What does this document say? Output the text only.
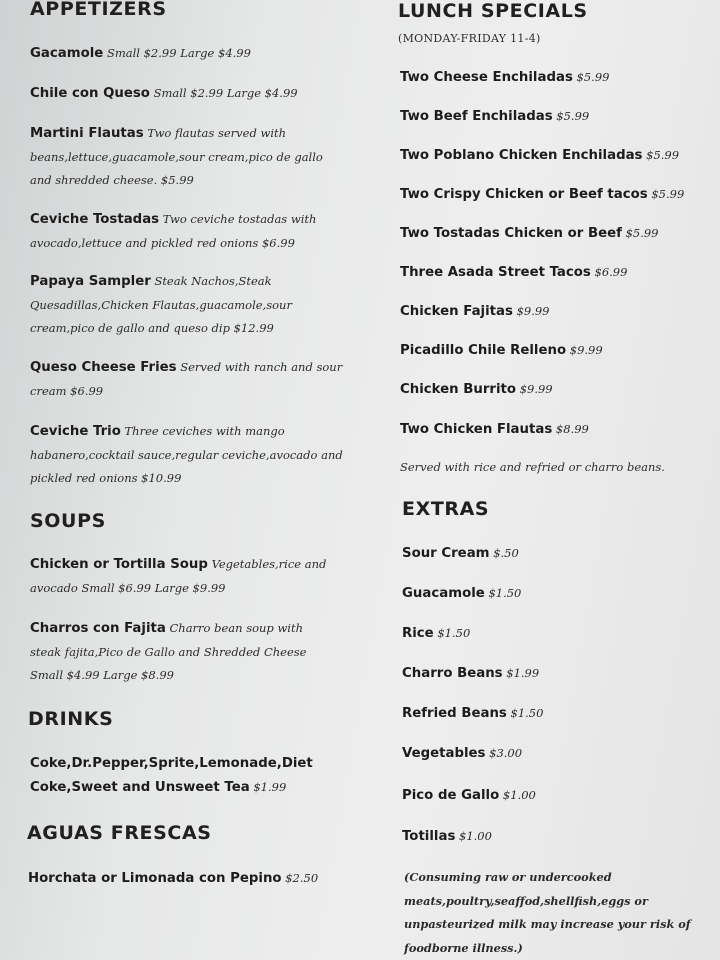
APPETIZERS
Gacamole Small $2.99 Large $4.99
Chile con Queso Small $2.99 Large $4.99
Martini Flautas Two flautas served with beans,lettuce,guacamole,sour cream,pico de gallo and shredded cheese. $5.99
Ceviche Tostadas Two ceviche tostadas with avocado,lettuce and pickled red onions $6.99
Papaya Sampler Steak Nachos,Steak Quesadillas,Chicken Flautas,guacamole,sour cream,pico de gallo and queso dip $12.99
Queso Cheese Fries Served with ranch and sour cream $6.99
Ceviche Trio Three ceviches with mango habanero,cocktail sauce,regular ceviche,avocado and pickled red onions $10.99
SOUPS
Chicken or Tortilla Soup Vegetables,rice and avocado Small $6.99 Large $9.99
Charros con Fajita Charro bean soup with steak fajita,Pico de Gallo and Shredded Cheese Small $4.99 Large $8.99
DRINKS
Coke,Dr.Pepper,Sprite,Lemonade,Diet Coke,Sweet and Unsweet Tea $1.99
AGUAS FRESCAS
Horchata or Limonada con Pepino $2.50
LUNCH SPECIALS
(MONDAY-FRIDAY 11-4)
Two Cheese Enchiladas $5.99
Two Beef Enchiladas $5.99
Two Poblano Chicken Enchiladas $5.99
Two Crispy Chicken or Beef tacos $5.99
Two Tostadas Chicken or Beef $5.99
Three Asada Street Tacos $6.99
Chicken Fajitas $9.99
Picadillo Chile Relleno $9.99
Chicken Burrito $9.99
Two Chicken Flautas $8.99
Served with rice and refried or charro beans.
EXTRAS
Sour Cream $.50
Guacamole $1.50
Rice $1.50
Charro Beans $1.99
Refried Beans $1.50
Vegetables $3.00
Pico de Gallo $1.00
Totillas $1.00
(Consuming raw or undercooked meats,poultry,seaffod,shellfish,eggs or unpasteurized milk may increase your risk of foodborne illness.)
